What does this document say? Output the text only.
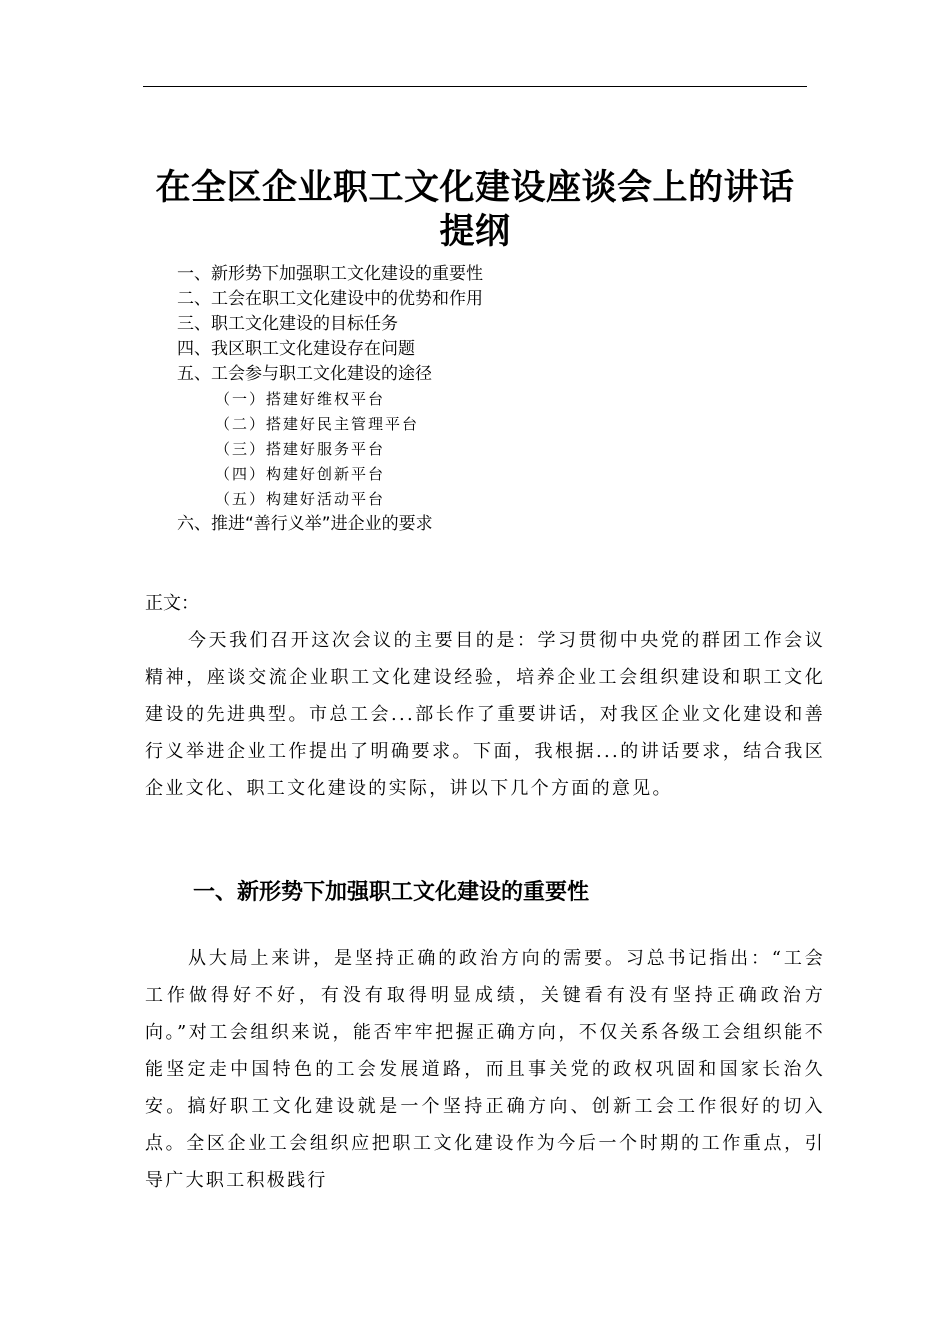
在全区企业职工文化建设座谈会上的讲话
提纲
一、新形势下加强职工文化建设的重要性
二、工会在职工文化建设中的优势和作用
三、职工文化建设的目标任务
四、我区职工文化建设存在问题
五、工会参与职工文化建设的途径
（一）搭建好维权平台
（二）搭建好民主管理平台
（三）搭建好服务平台
（四）构建好创新平台
（五）构建好活动平台
六、推进“善行义举”进企业的要求
正文：

今天我们召开这次会议的主要目的是：学习贯彻中央党的群团工作会议精神，座谈交流企业职工文化建设经验，培养企业工会组织建设和职工文化建设的先进典型。市总工会...部长作了重要讲话，对我区企业文化建设和善行义举进企业工作提出了明确要求。下面，我根据...的讲话要求，结合我区企业文化、职工文化建设的实际，讲以下几个方面的意见。

一、新形势下加强职工文化建设的重要性

从大局上来讲，是坚持正确的政治方向的需要。习总书记指出：“工会工作做得好不好，有没有取得明显成绩，关键看有没有坚持正确政治方向。”对工会组织来说，能否牢牢把握正确方向，不仅关系各级工会组织能不能坚定走中国特色的工会发展道路，而且事关党的政权巩固和国家长治久安。搞好职工文化建设就是一个坚持正确方向、创新工会工作很好的切入点。全区企业工会组织应把职工文化建设作为今后一个时期的工作重点，引导广大职工积极践行
